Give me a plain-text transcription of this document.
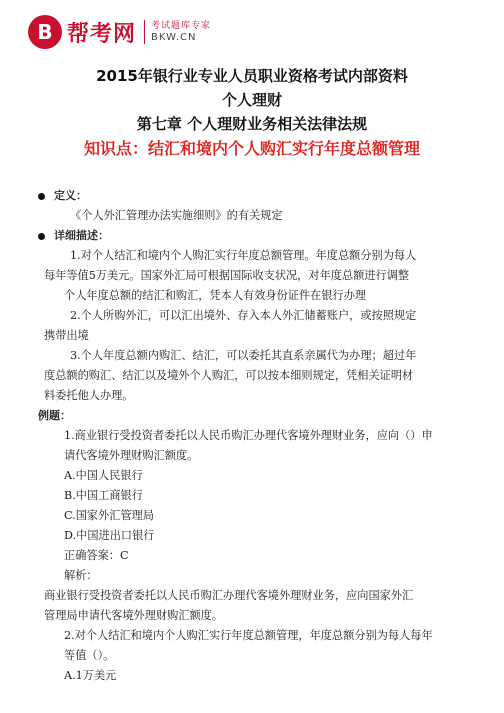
B 帮考网 考试题库专家
BKW.CN
2015年银行业专业人员职业资格考试内部资料
个人理财
第七章 个人理财业务相关法律法规
知识点：结汇和境内个人购汇实行年度总额管理
定义：

《个人外汇管理办法实施细则》的有关规定

详细描述：

1.对个人结汇和境内个人购汇实行年度总额管理。年度总额分别为每人

每年等值5万美元。国家外汇局可根据国际收支状况，对年度总额进行调整

个人年度总额的结汇和购汇，凭本人有效身份证件在银行办理

2.个人所购外汇，可以汇出境外、存入本人外汇储蓄账户，或按照规定

携带出境

3.个人年度总额内购汇、结汇，可以委托其直系亲属代为办理；超过年

度总额的购汇、结汇以及境外个人购汇，可以按本细则规定，凭相关证明材

料委托他人办理。

例题：

1.商业银行受投资者委托以人民币购汇办理代客境外理财业务，应向（）申

请代客境外理财购汇额度。

A.中国人民银行

B.中国工商银行

C.国家外汇管理局

D.中国进出口银行

正确答案：C

解析：

商业银行受投资者委托以人民币购汇办理代客境外理财业务，应向国家外汇

管理局申请代客境外理财购汇额度。

2.对个人结汇和境内个人购汇实行年度总额管理，年度总额分别为每人每年

等值（）。

A.1万美元
